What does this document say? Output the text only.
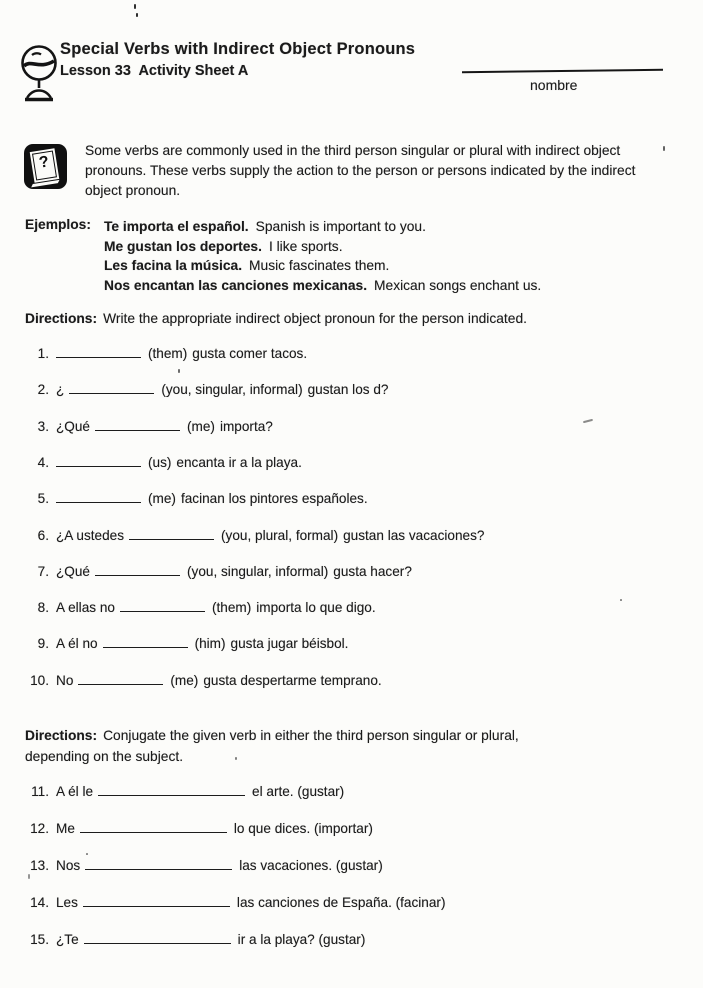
Special Verbs with Indirect Object Pronouns
Lesson 33  Activity Sheet A
nombre
?
Some verbs are commonly used in the third person singular or plural with indirect object
pronouns. These verbs supply the action to the person or persons indicated by the indirect
object pronoun.
Ejemplos: Te importa el español. Spanish is important to you.
Me gustan los deportes. I like sports.
Les facina la música. Music fascinates them.
Nos encantan las canciones mexicanas. Mexican songs enchant us.
Directions: Write the appropriate indirect object pronoun for the person indicated.
1.	(them) gusta comer tacos.
2. ¿	(you, singular, informal) gustan los d?
3. ¿Qué	(me) importa?
4.	(us) encanta ir a la playa.
5.	(me) facinan los pintores españoles.
6. ¿A ustedes	(you, plural, formal) gustan las vacaciones?
7. ¿Qué	(you, singular, informal) gusta hacer?
8. A ellas no	(them) importa lo que digo.
9. A él no	(him) gusta jugar béisbol.
10. No	(me) gusta despertarme temprano.
Directions: Conjugate the given verb in either the third person singular or plural,
depending on the subject.
11. A él le	el arte. (gustar)
12. Me	lo que dices. (importar)
13. Nos	las vacaciones. (gustar)
14. Les	las canciones de España. (facinar)
15. ¿Te	ir a la playa? (gustar)
